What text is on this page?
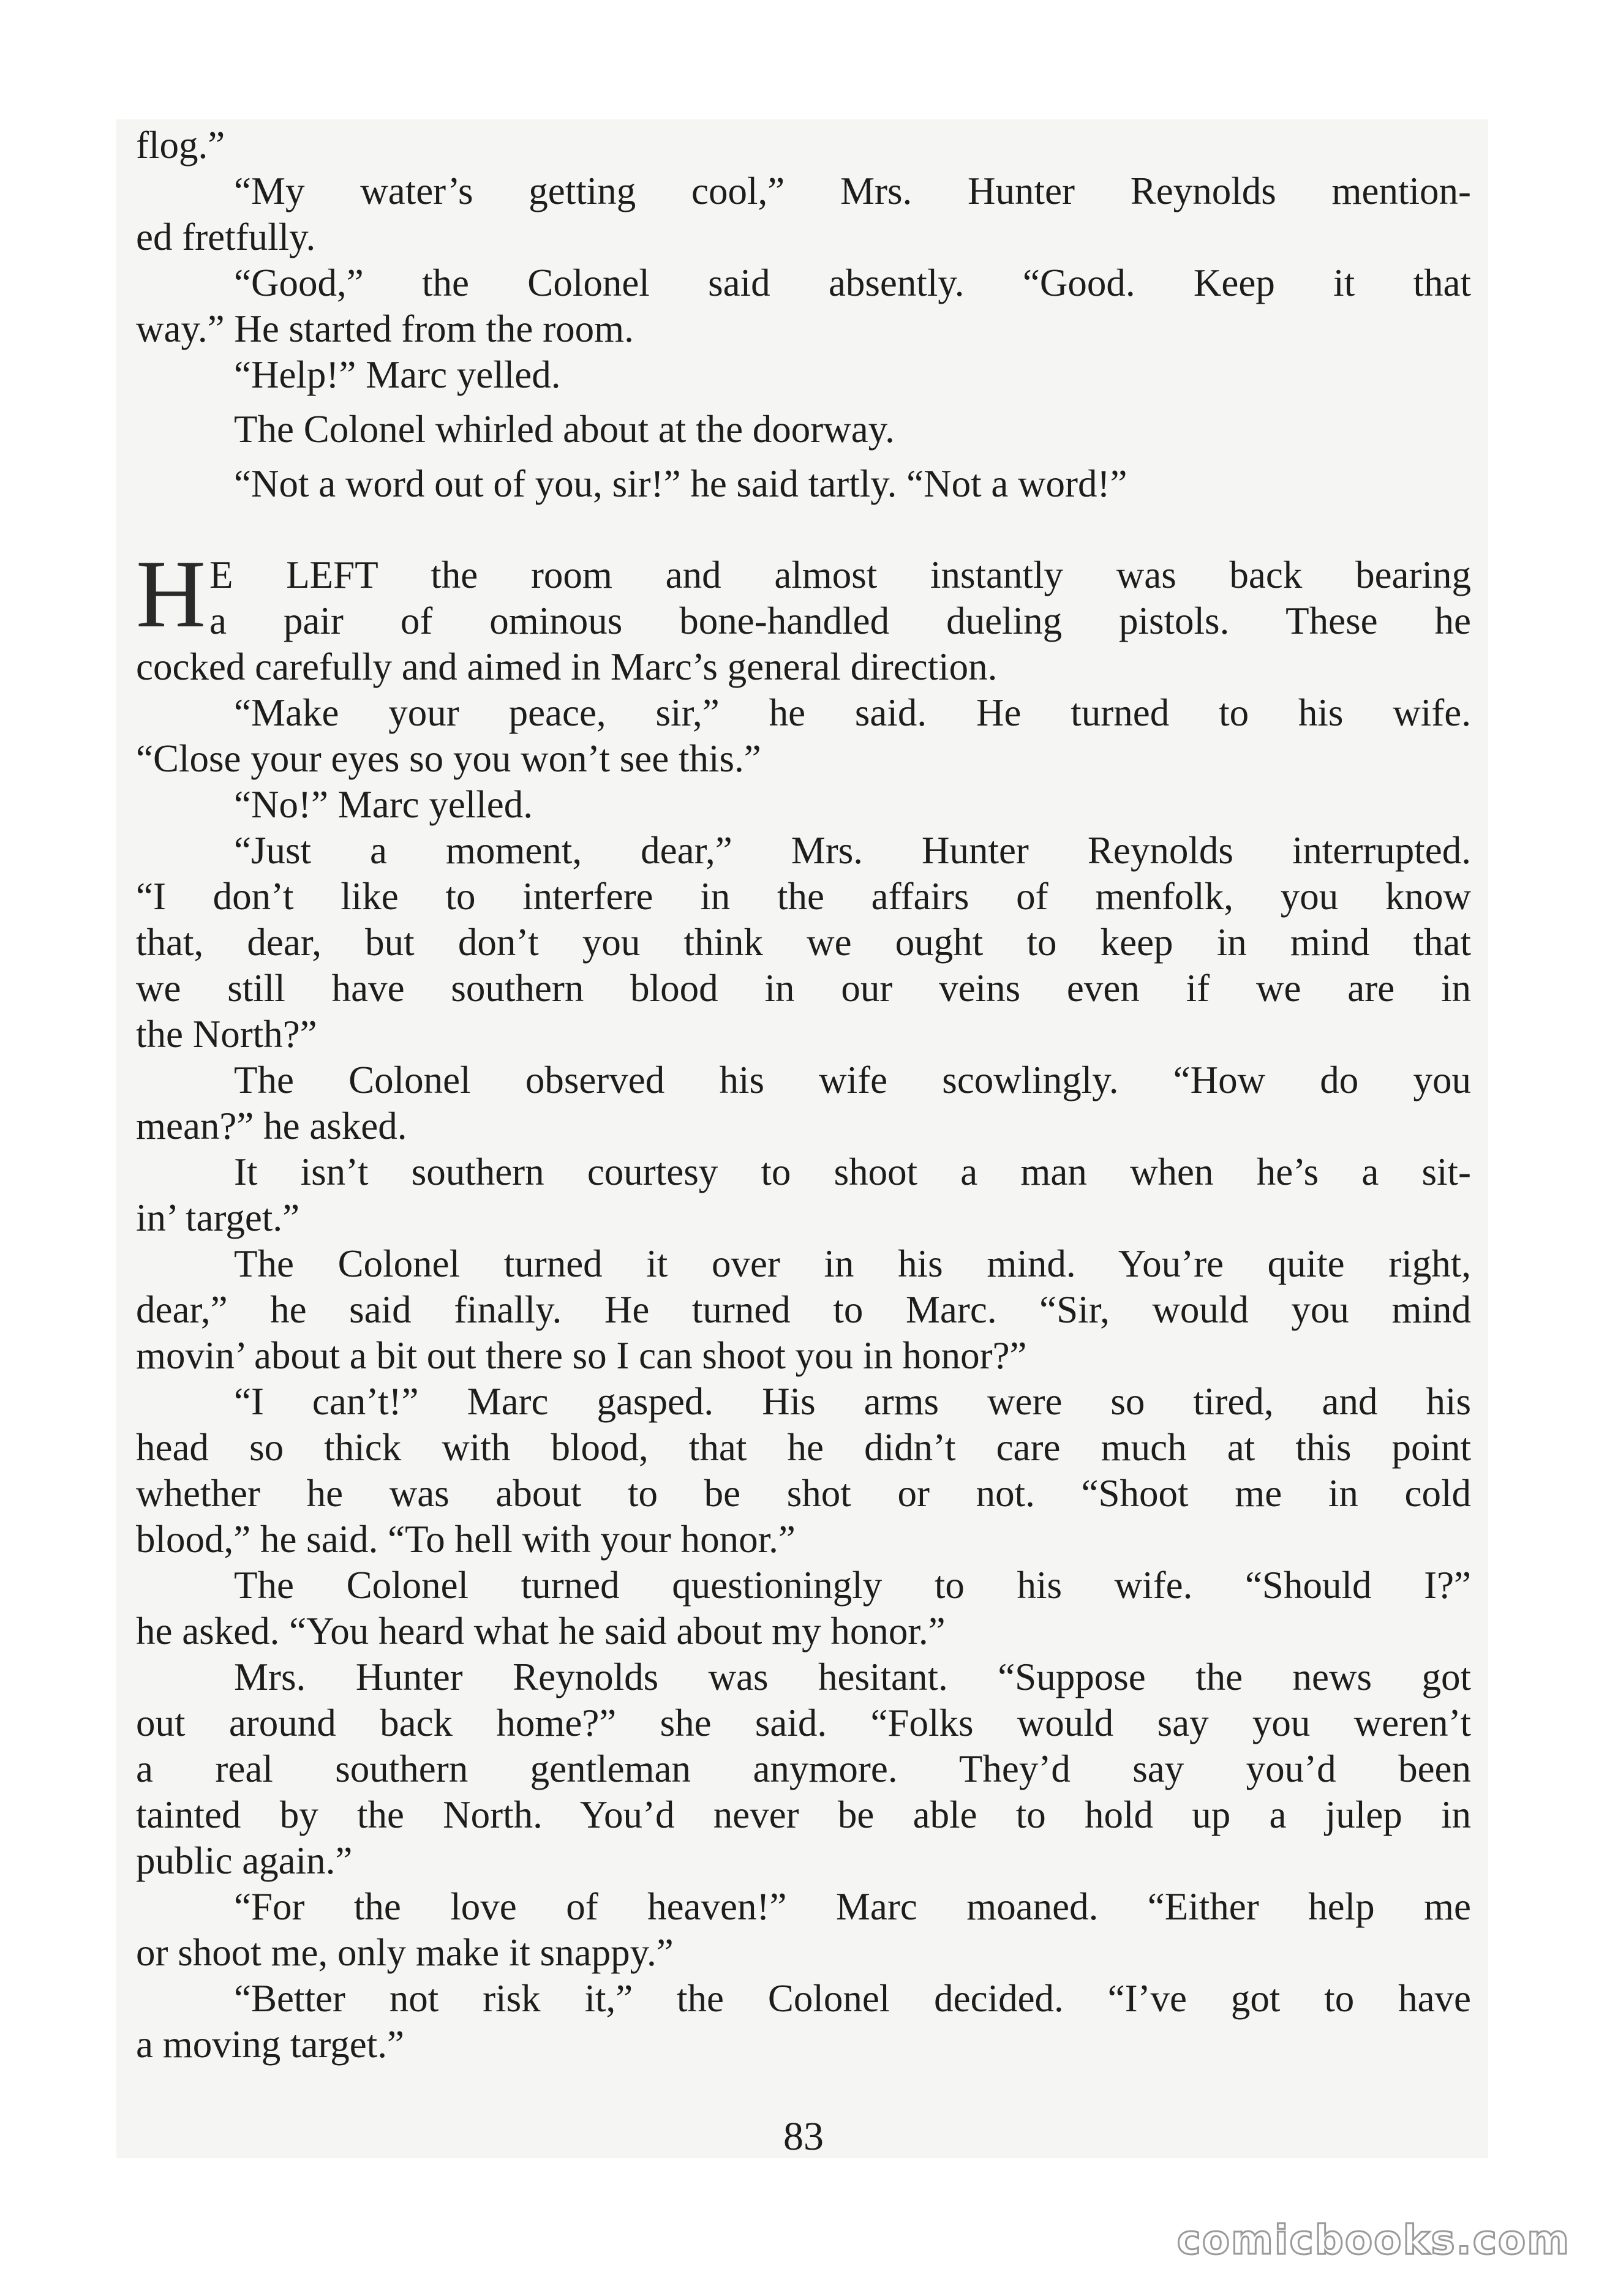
flog.”
“My water’s getting cool,” Mrs. Hunter Reynolds mention-
ed fretfully.
“Good,” the Colonel said absently. “Good. Keep it that
way.” He started from the room.
“Help!” Marc yelled.
The Colonel whirled about at the doorway.
“Not a word out of you, sir!” he said tartly. “Not a word!”
H E LEFT the room and almost instantly was back bearing
a pair of ominous bone-handled dueling pistols. These he
cocked carefully and aimed in Marc’s general direction.
“Make your peace, sir,” he said. He turned to his wife.
“Close your eyes so you won’t see this.”
“No!” Marc yelled.
“Just a moment, dear,” Mrs. Hunter Reynolds interrupted.
“I don’t like to interfere in the affairs of menfolk, you know
that, dear, but don’t you think we ought to keep in mind that
we still have southern blood in our veins even if we are in
the North?”
The Colonel observed his wife scowlingly. “How do you
mean?” he asked.
It isn’t southern courtesy to shoot a man when he’s a sit-
in’ target.”
The Colonel turned it over in his mind. You’re quite right,
dear,” he said finally. He turned to Marc. “Sir, would you mind
movin’ about a bit out there so I can shoot you in honor?”
“I can’t!” Marc gasped. His arms were so tired, and his
head so thick with blood, that he didn’t care much at this point
whether he was about to be shot or not. “Shoot me in cold
blood,” he said. “To hell with your honor.”
The Colonel turned questioningly to his wife. “Should I?”
he asked. “You heard what he said about my honor.”
Mrs. Hunter Reynolds was hesitant. “Suppose the news got
out around back home?” she said. “Folks would say you weren’t
a real southern gentleman anymore. They’d say you’d been
tainted by the North. You’d never be able to hold up a julep in
public again.”
“For the love of heaven!” Marc moaned. “Either help me
or shoot me, only make it snappy.”
“Better not risk it,” the Colonel decided. “I’ve got to have
a moving target.”
83
comicbooks.com
